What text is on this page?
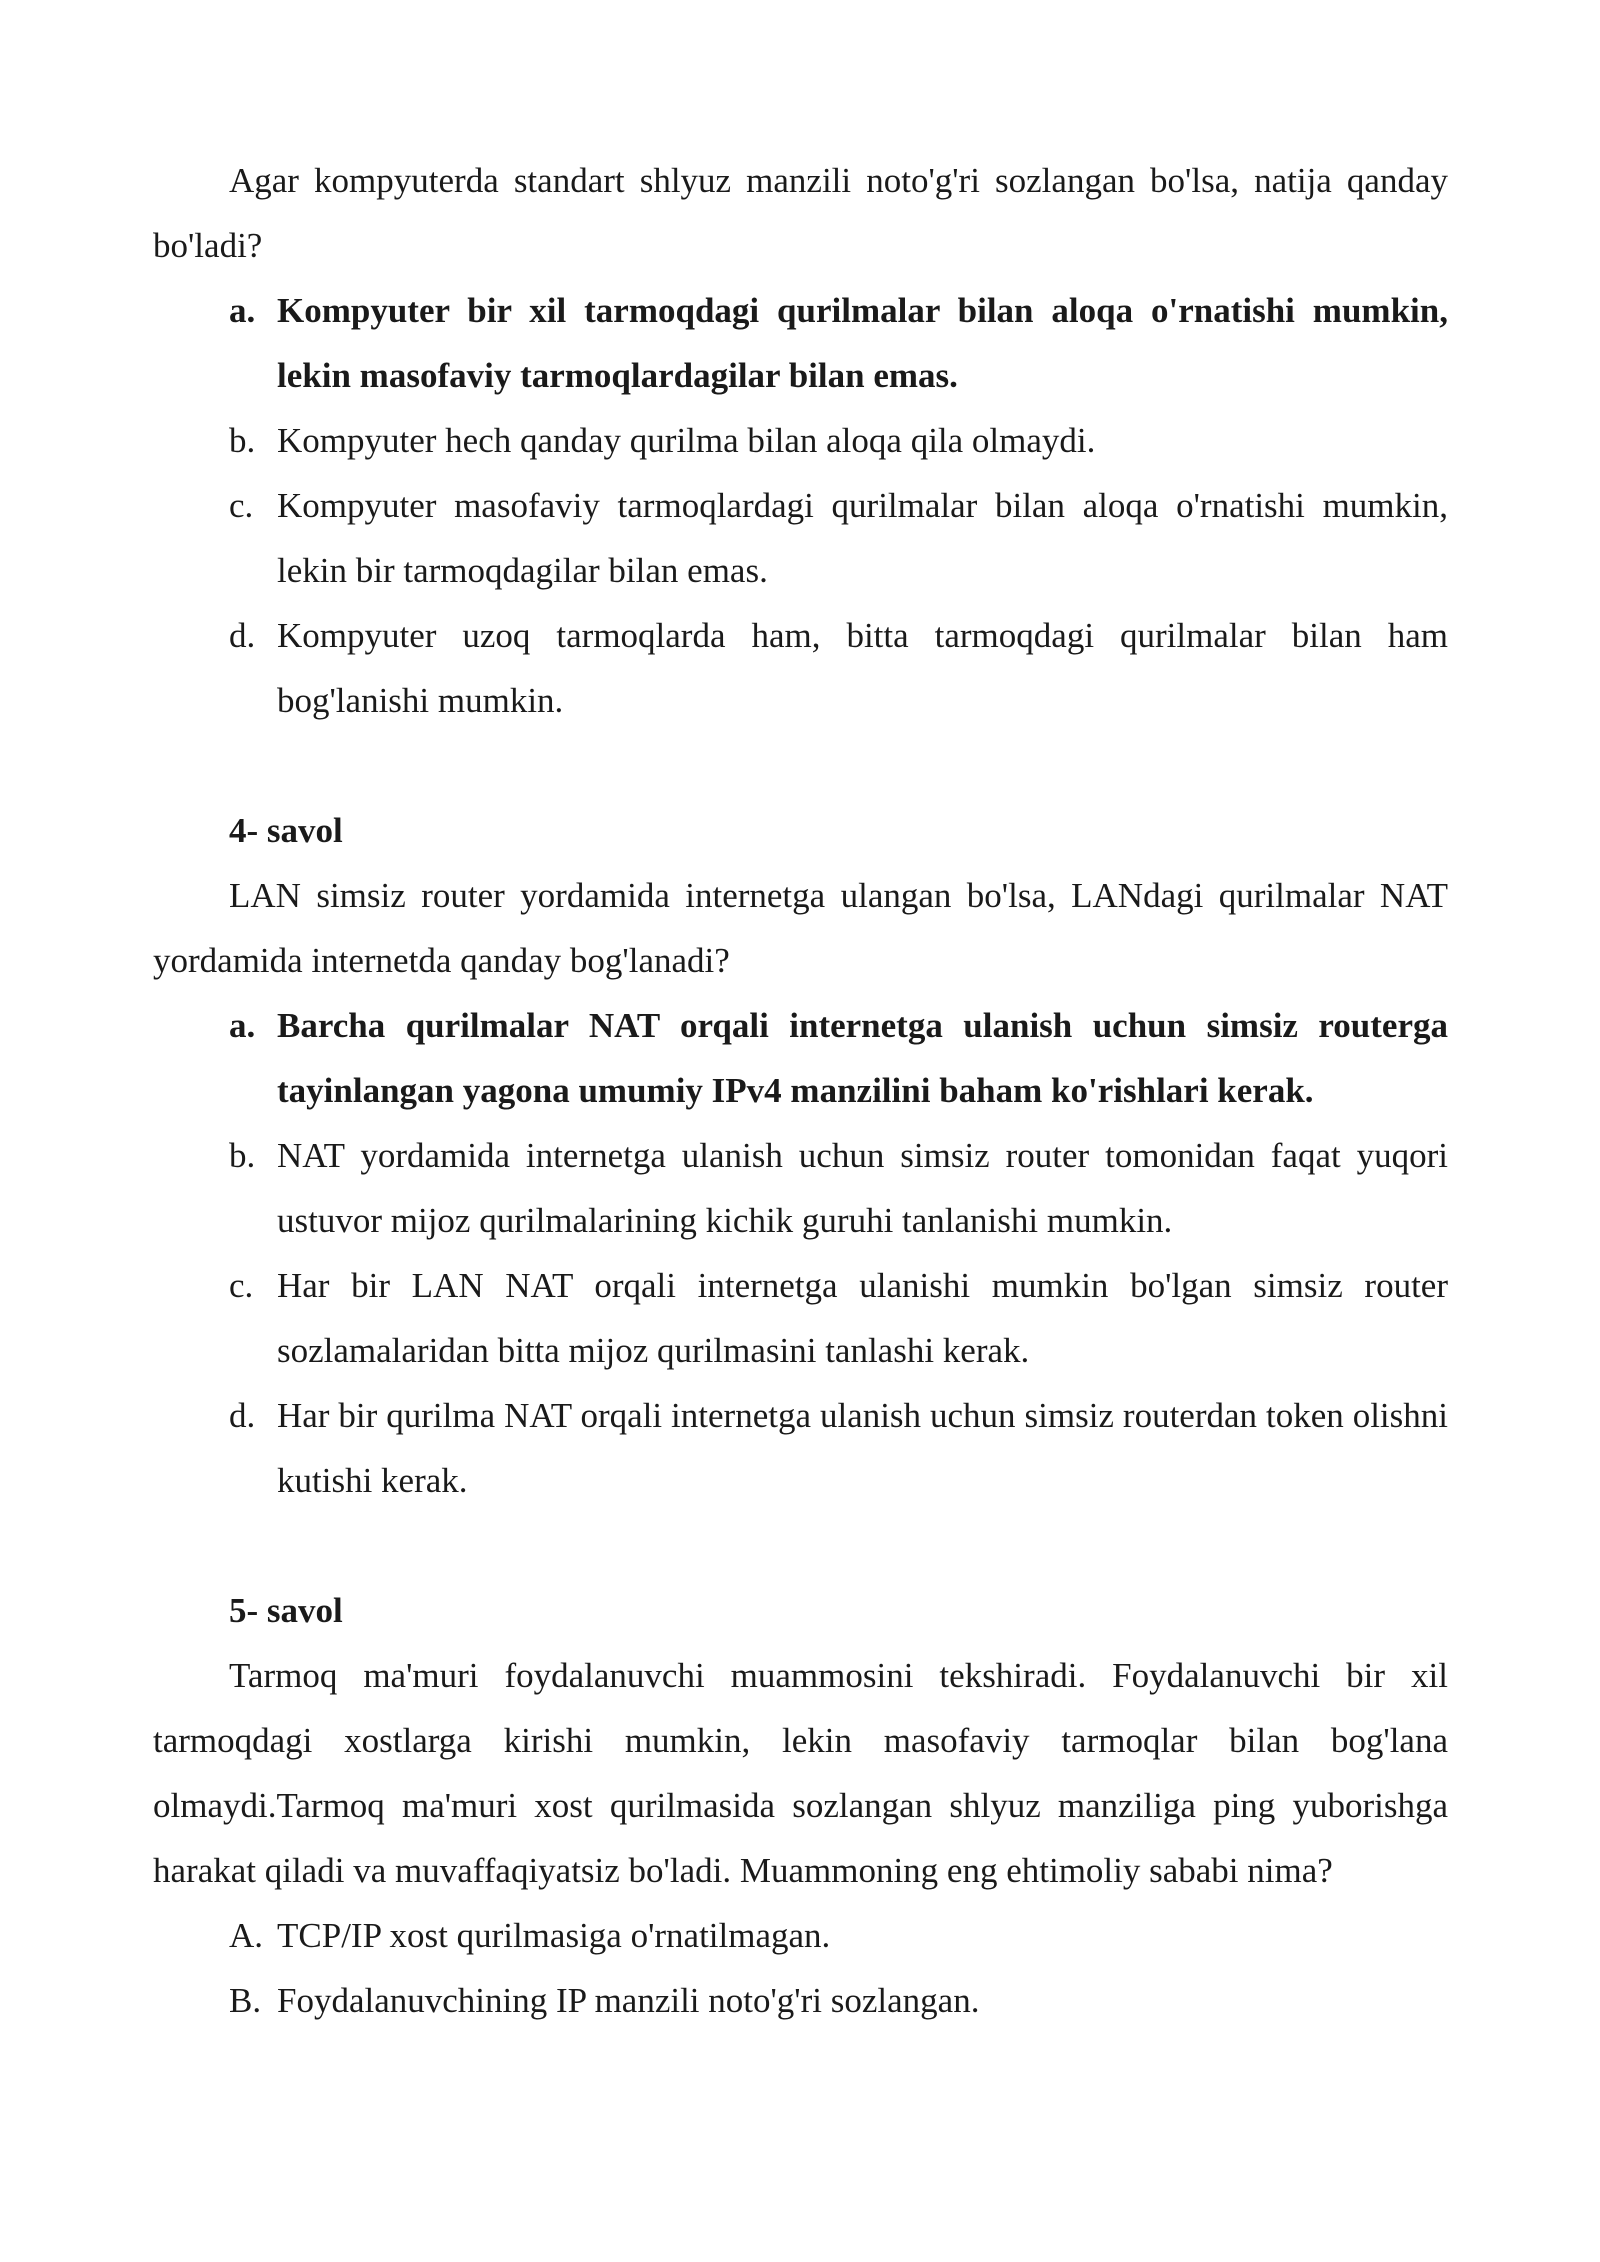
Agar kompyuterda standart shlyuz manzili noto'g'ri sozlangan bo'lsa, natija qanday bo'ladi?

a. Kompyuter bir xil tarmoqdagi qurilmalar bilan aloqa o'rnatishi mumkin, lekin masofaviy tarmoqlardagilar bilan emas.
b. Kompyuter hech qanday qurilma bilan aloqa qila olmaydi.
c. Kompyuter masofaviy tarmoqlardagi qurilmalar bilan aloqa o'rnatishi mumkin, lekin bir tarmoqdagilar bilan emas.
d. Kompyuter uzoq tarmoqlarda ham, bitta tarmoqdagi qurilmalar bilan ham bog'lanishi mumkin.

4- savol

LAN simsiz router yordamida internetga ulangan bo'lsa, LANdagi qurilmalar NAT yordamida internetda qanday bog'lanadi?

a. Barcha qurilmalar NAT orqali internetga ulanish uchun simsiz routerga tayinlangan yagona umumiy IPv4 manzilini baham ko'rishlari kerak.
b. NAT yordamida internetga ulanish uchun simsiz router tomonidan faqat yuqori ustuvor mijoz qurilmalarining kichik guruhi tanlanishi mumkin.
c. Har bir LAN NAT orqali internetga ulanishi mumkin bo'lgan simsiz router sozlamalaridan bitta mijoz qurilmasini tanlashi kerak.
d. Har bir qurilma NAT orqali internetga ulanish uchun simsiz routerdan token olishni kutishi kerak.

5- savol

Tarmoq ma'muri foydalanuvchi muammosini tekshiradi. Foydalanuvchi bir xil tarmoqdagi xostlarga kirishi mumkin, lekin masofaviy tarmoqlar bilan bog'lana olmaydi.Tarmoq ma'muri xost qurilmasida sozlangan shlyuz manziliga ping yuborishga harakat qiladi va muvaffaqiyatsiz bo'ladi. Muammoning eng ehtimoliy sababi nima?

A. TCP/IP xost qurilmasiga o'rnatilmagan.
B. Foydalanuvchining IP manzili noto'g'ri sozlangan.
